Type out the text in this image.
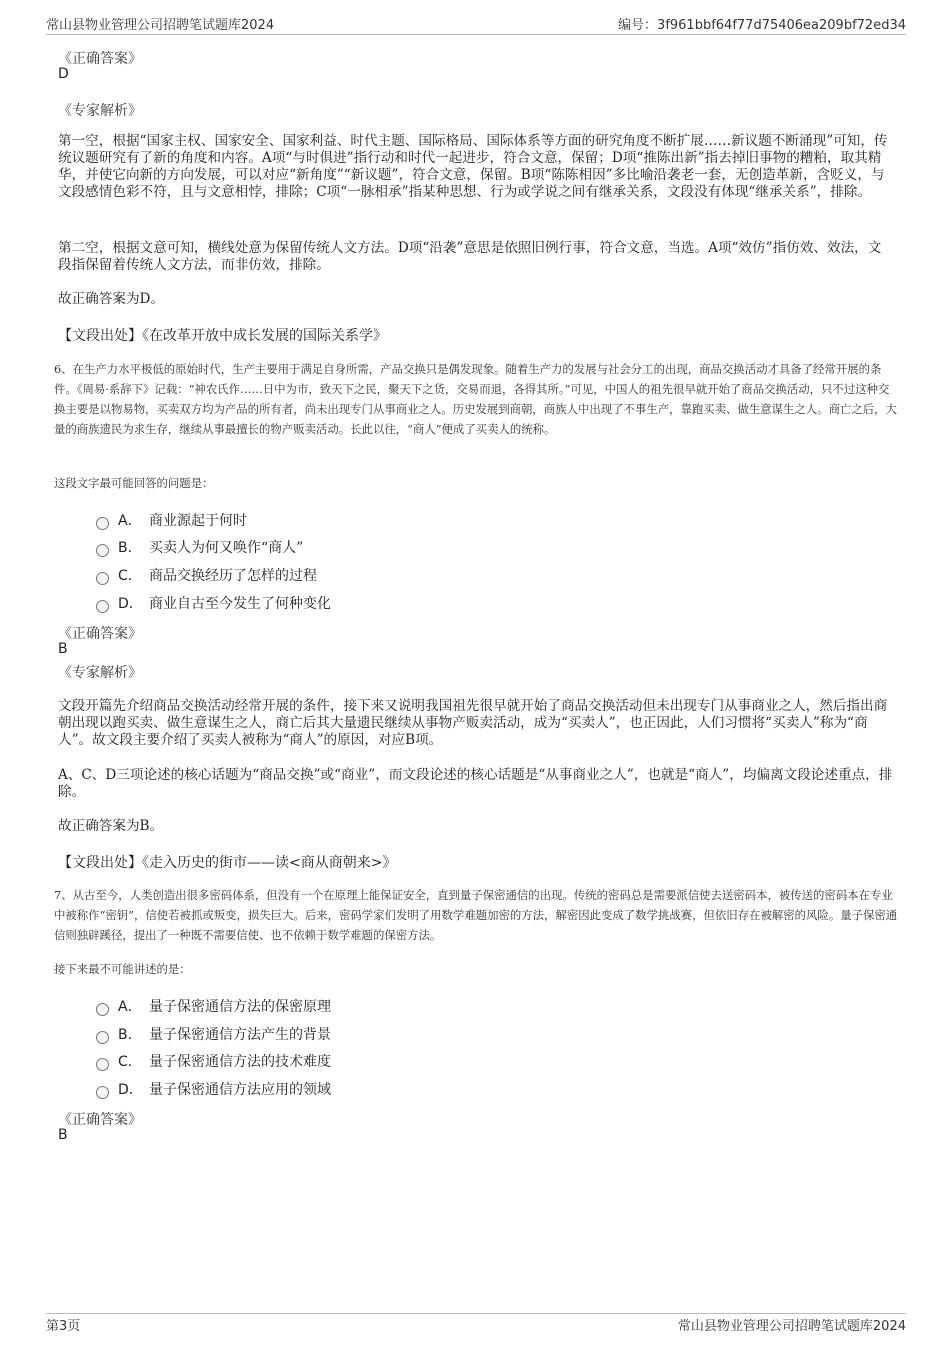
常山县物业管理公司招聘笔试题库2024	编号：3f961bbf64f77d75406ea209bf72ed34
《正确答案》
D
《专家解析》
第一空，根据“国家主权、国家安全、国家利益、时代主题、国际格局、国际体系等方面的研究角度不断扩展……新议题不断涌现”可知，传统议题研究有了新的角度和内容。A项“与时俱进”指行动和时代一起进步，符合文意，保留；D项“推陈出新”指去掉旧事物的糟粕，取其精华，并使它向新的方向发展，可以对应“新角度”“新议题”，符合文意，保留。B项“陈陈相因”多比喻沿袭老一套，无创造革新，含贬义，与文段感情色彩不符，且与文意相悖，排除；C项“一脉相承”指某种思想、行为或学说之间有继承关系，文段没有体现“继承关系”，排除。
第二空，根据文意可知，横线处意为保留传统人文方法。D项“沿袭”意思是依照旧例行事，符合文意，当选。A项“效仿”指仿效、效法，文段指保留着传统人文方法，而非仿效，排除。
故正确答案为D。
【文段出处】《在改革开放中成长发展的国际关系学》
6、在生产力水平极低的原始时代，生产主要用于满足自身所需，产品交换只是偶发现象。随着生产力的发展与社会分工的出现，商品交换活动才具备了经常开展的条件。《周易·系辞下》记载：“神农氏作……日中为市，致天下之民，聚天下之货，交易而退，各得其所。”可见，中国人的祖先很早就开始了商品交换活动，只不过这种交换主要是以物易物，买卖双方均为产品的所有者，尚未出现专门从事商业之人。历史发展到商朝，商族人中出现了不事生产，靠跑买卖、做生意谋生之人。商亡之后，大量的商族遗民为求生存，继续从事最擅长的物产贩卖活动。长此以往，“商人”便成了买卖人的统称。
这段文字最可能回答的问题是：
A． 商业源起于何时
B． 买卖人为何又唤作“商人”
C． 商品交换经历了怎样的过程
D． 商业自古至今发生了何种变化
《正确答案》
B
《专家解析》
文段开篇先介绍商品交换活动经常开展的条件，接下来又说明我国祖先很早就开始了商品交换活动但未出现专门从事商业之人，然后指出商朝出现以跑买卖、做生意谋生之人，商亡后其大量遗民继续从事物产贩卖活动，成为“买卖人”，也正因此，人们习惯将“买卖人”称为“商人”。故文段主要介绍了买卖人被称为“商人”的原因，对应B项。
A、C、D三项论述的核心话题为“商品交换”或“商业”，而文段论述的核心话题是“从事商业之人”，也就是“商人”，均偏离文段论述重点，排除。
故正确答案为B。
【文段出处】《走入历史的街市——读<商从商朝来>》
7、从古至今，人类创造出很多密码体系，但没有一个在原理上能保证安全，直到量子保密通信的出现。传统的密码总是需要派信使去送密码本，被传送的密码本在专业中被称作“密钥”，信使若被抓或叛变，损失巨大。后来，密码学家们发明了用数学难题加密的方法，解密因此变成了数学挑战赛，但依旧存在被解密的风险。量子保密通信则独辟蹊径，提出了一种既不需要信使、也不依赖于数学难题的保密方法。
接下来最不可能讲述的是：
A． 量子保密通信方法的保密原理
B． 量子保密通信方法产生的背景
C． 量子保密通信方法的技术难度
D． 量子保密通信方法应用的领域
《正确答案》
B
第3页	常山县物业管理公司招聘笔试题库2024
